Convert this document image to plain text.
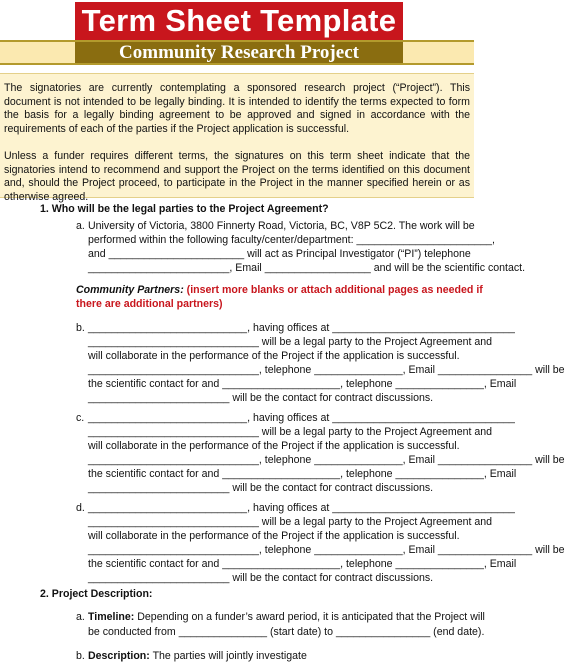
Term Sheet Template
Community Research Project

The signatories are currently contemplating a sponsored research project (“Project”). This document is not intended to be legally binding. It is intended to identify the terms expected to form the basis for a legally binding agreement to be approved and signed in accordance with the requirements of each of the parties if the Project application is successful.

Unless a funder requires different terms, the signatures on this term sheet indicate that the signatories intend to recommend and support the Project on the terms identified on this document and, should the Project proceed, to participate in the Project in the manner specified herein or as otherwise agreed.

1. Who will be the legal parties to the Project Agreement?
a. University of Victoria, 3800 Finnerty Road, Victoria, BC, V8P 5C2. The work will be
performed within the following faculty/center/department: _______________________,
and _______________________ will act as Principal Investigator (“PI”) telephone
________________________, Email __________________ and will be the scientific contact.
Community Partners: (insert more blanks or attach additional pages as needed if
there are additional partners)
b. ___________________________, having offices at _______________________________
_____________________________ will be a legal party to the Project Agreement and
will collaborate in the performance of the Project if the application is successful.
_____________________________, telephone _______________, Email ________________ will be
the scientific contact for and ____________________, telephone _______________, Email
________________________ will be the contact for contract discussions.
c. ___________________________, having offices at _______________________________
_____________________________ will be a legal party to the Project Agreement and
will collaborate in the performance of the Project if the application is successful.
_____________________________, telephone _______________, Email ________________ will be
the scientific contact for and ____________________, telephone _______________, Email
________________________ will be the contact for contract discussions.
d. ___________________________, having offices at _______________________________
_____________________________ will be a legal party to the Project Agreement and
will collaborate in the performance of the Project if the application is successful.
_____________________________, telephone _______________, Email ________________ will be
the scientific contact for and ____________________, telephone _______________, Email
________________________ will be the contact for contract discussions.
2. Project Description:
a. Timeline: Depending on a funder’s award period, it is anticipated that the Project will
be conducted from _______________ (start date) to ________________ (end date).
b. Description: The parties will jointly investigate
